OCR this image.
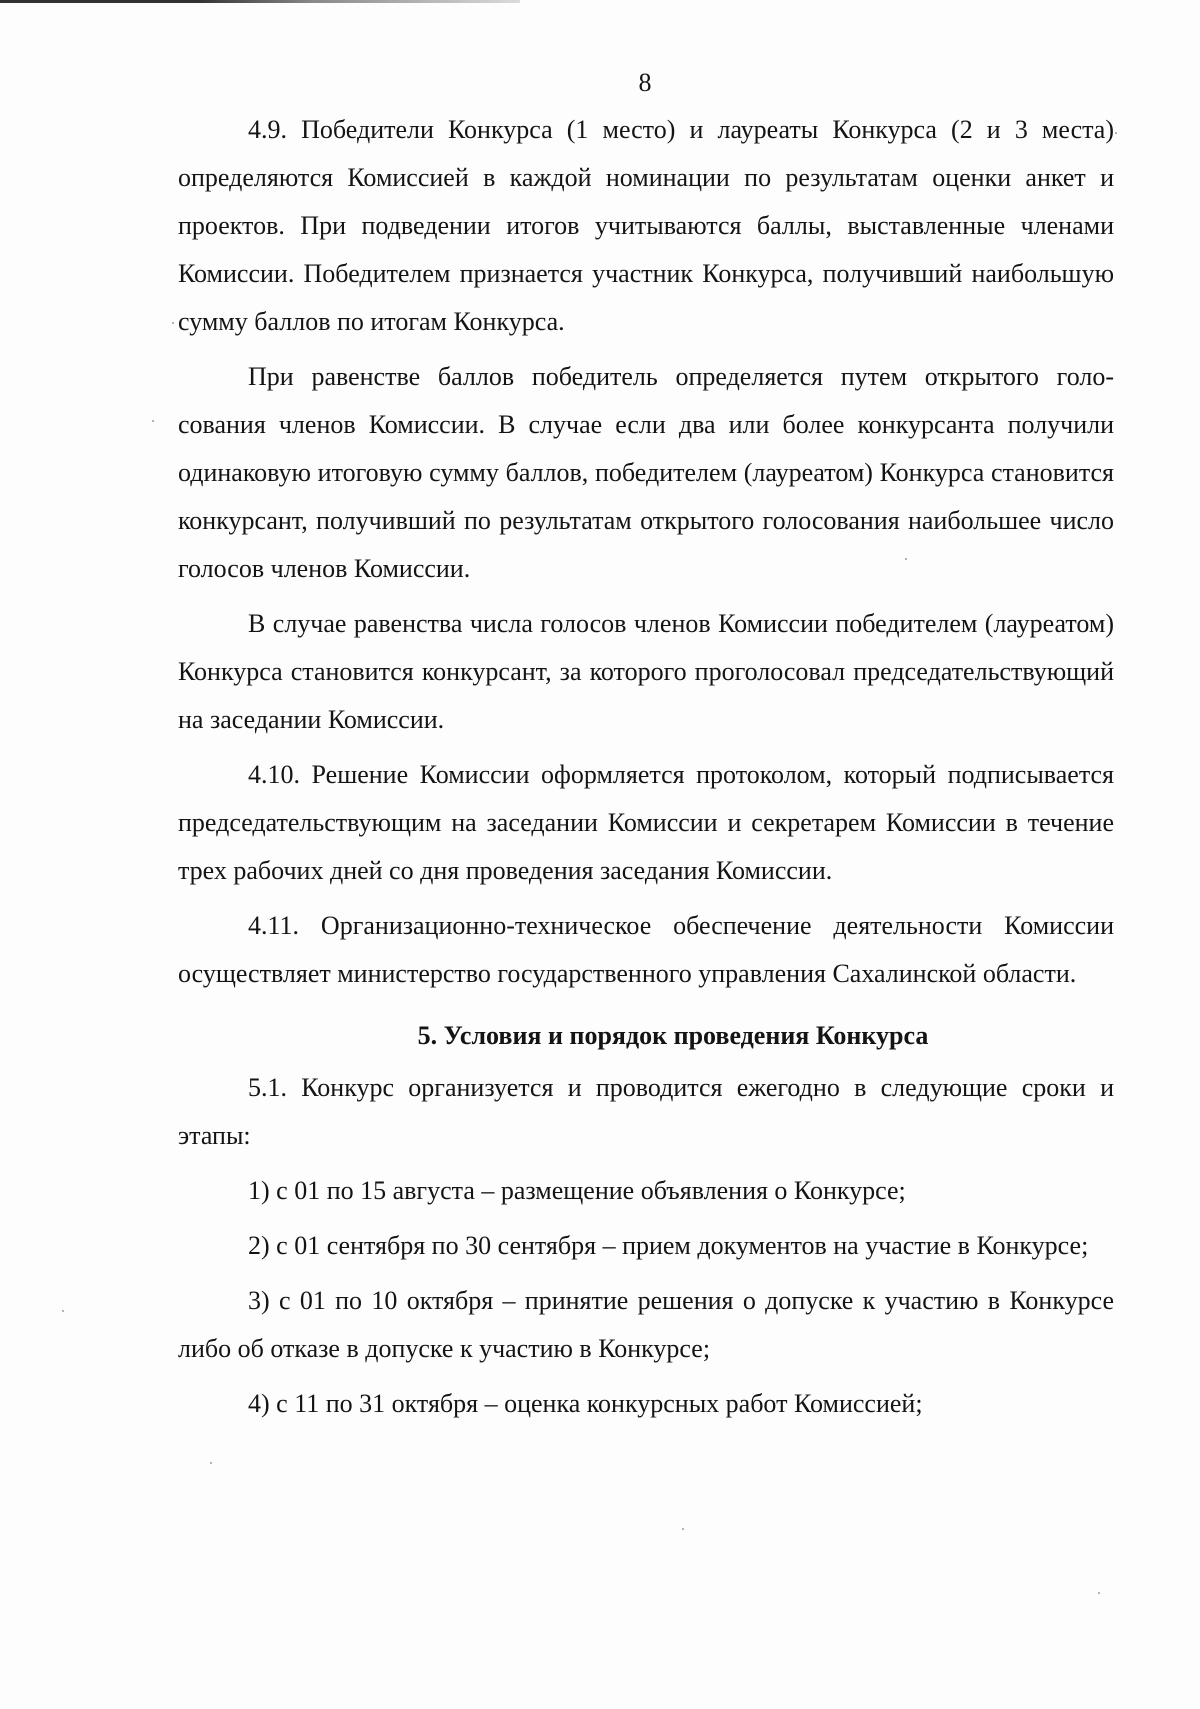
8

4.9. Победители Конкурса (1 место) и лауреаты Конкурса (2 и 3 места) определяются Комиссией в каждой номинации по результатам оценки анкет и проектов. При подведении итогов учитываются баллы, выставленные членами Комиссии. Победителем признается участник Конкурса, получивший наибольшую сумму баллов по итогам Конкурса.

При равенстве баллов победитель определяется путем открытого голосования членов Комиссии. В случае если два или более конкурсанта получили одинаковую итоговую сумму баллов, победителем (лауреатом) Конкурса становится конкурсант, получивший по результатам открытого голосования наибольшее число голосов членов Комиссии.

В случае равенства числа голосов членов Комиссии победителем (лауреатом) Конкурса становится конкурсант, за которого проголосовал председательствующий на заседании Комиссии.

4.10. Решение Комиссии оформляется протоколом, который подписывается председательствующим на заседании Комиссии и секретарем Комиссии в течение трех рабочих дней со дня проведения заседания Комиссии.

4.11. Организационно-техническое обеспечение деятельности Комиссии осуществляет министерство государственного управления Сахалинской области.

5. Условия и порядок проведения Конкурса

5.1. Конкурс организуется и проводится ежегодно в следующие сроки и этапы:

1) с 01 по 15 августа – размещение объявления о Конкурсе;

2) с 01 сентября по 30 сентября – прием документов на участие в Конкурсе;

3) с 01 по 10 октября – принятие решения о допуске к участию в Конкурсе либо об отказе в допуске к участию в Конкурсе;

4) с 11 по 31 октября – оценка конкурсных работ Комиссией;
